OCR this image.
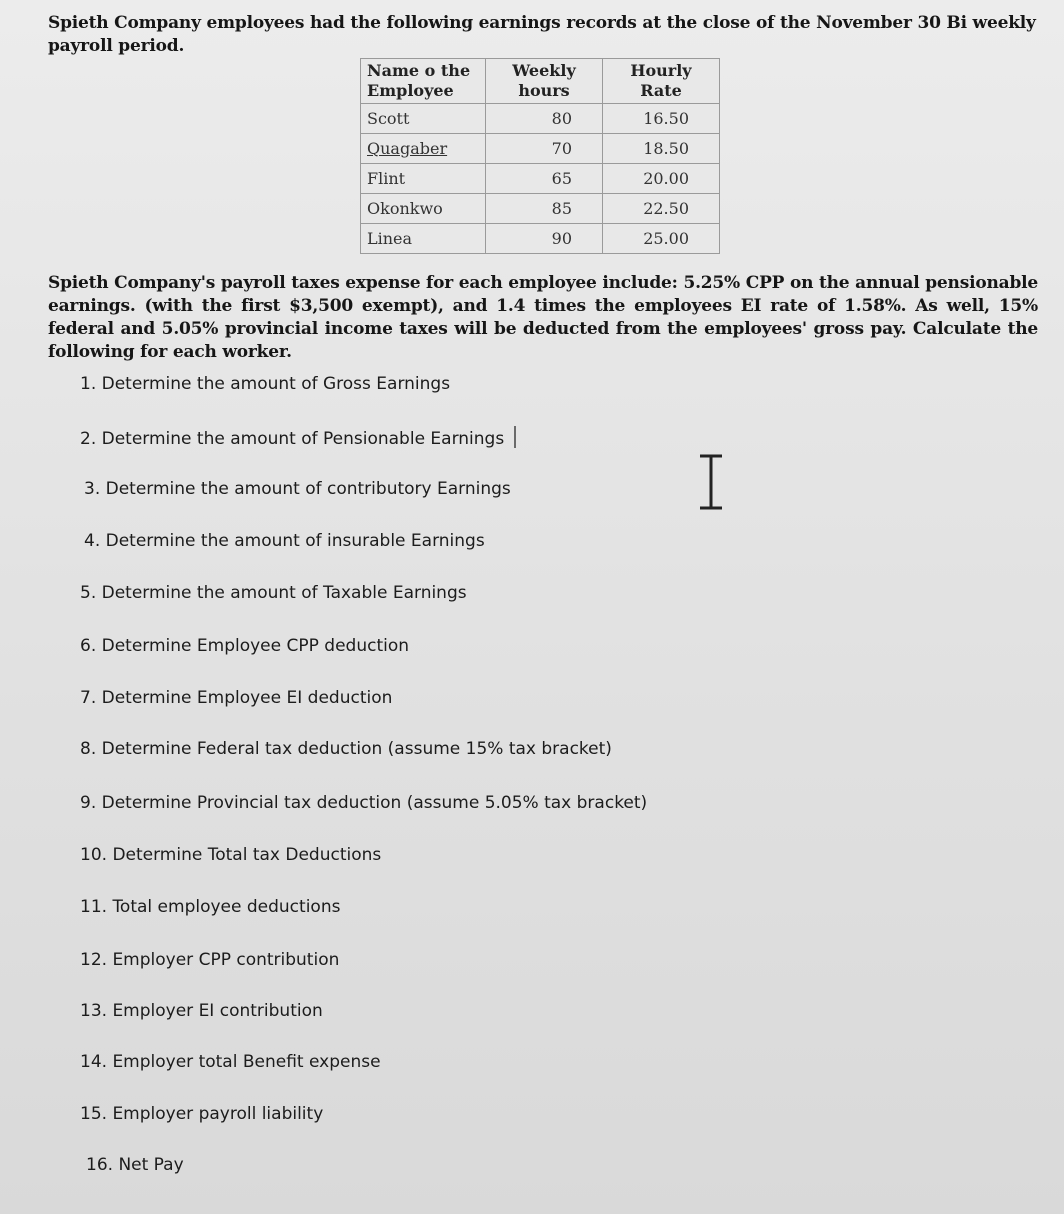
Spieth Company employees had the following earnings records at the close of the November 30 Bi weekly payroll period.

Name o the Employee	Weekly hours	Hourly Rate
Scott	80	16.50
Quagaber	70	18.50
Flint	65	20.00
Okonkwo	85	22.50
Linea	90	25.00

Spieth Company's payroll taxes expense for each employee include: 5.25% CPP on the annual pensionable earnings. (with the first $3,500 exempt), and 1.4 times the employees EI rate of 1.58%. As well, 15% federal and 5.05% provincial income taxes will be deducted from the employees' gross pay. Calculate the following for each worker.

1. Determine the amount of Gross Earnings
2. Determine the amount of Pensionable Earnings
3. Determine the amount of contributory Earnings
4. Determine the amount of insurable Earnings
5. Determine the amount of Taxable Earnings
6. Determine Employee CPP deduction
7. Determine Employee EI deduction
8. Determine Federal tax deduction (assume 15% tax bracket)
9. Determine Provincial tax deduction (assume 5.05% tax bracket)
10. Determine Total tax Deductions
11. Total employee deductions
12. Employer CPP contribution
13. Employer EI contribution
14. Employer total Benefit expense
15. Employer payroll liability
16. Net Pay
